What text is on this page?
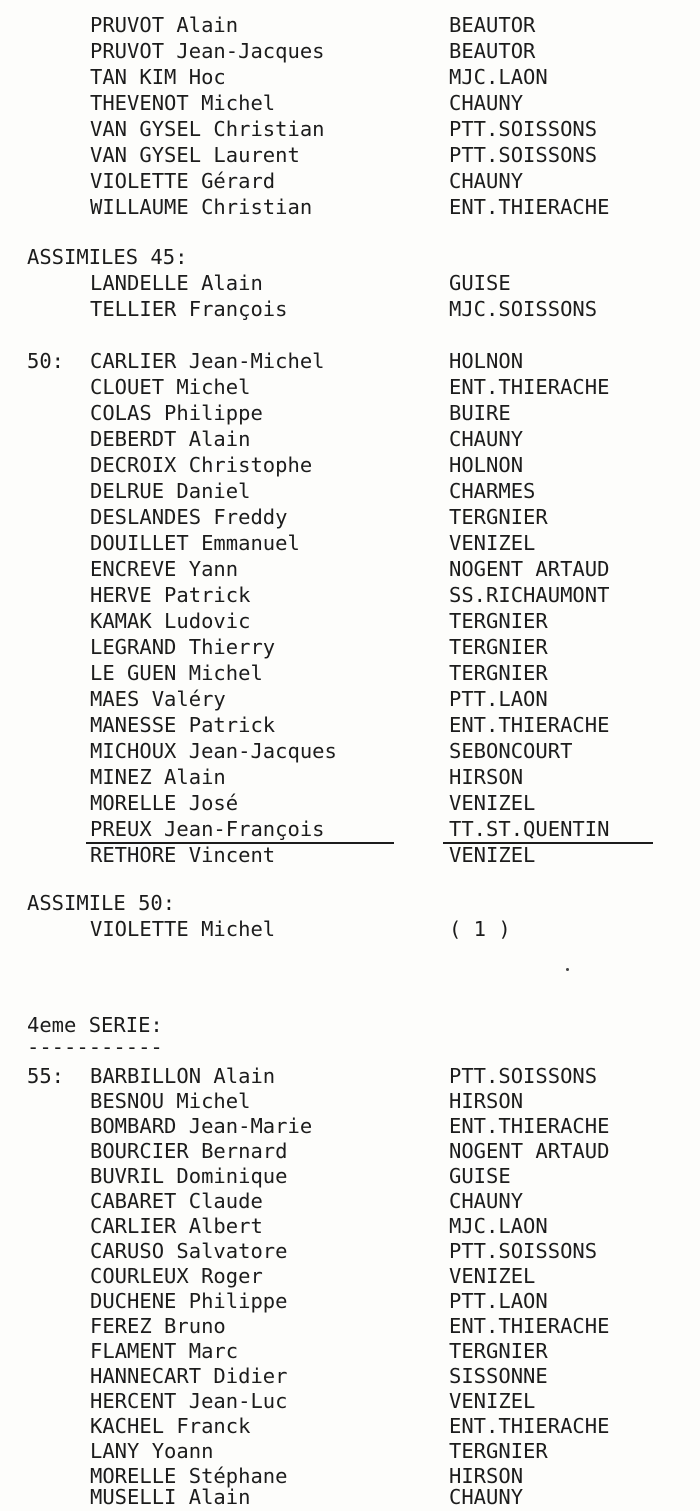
PRUVOT Alain	BEAUTOR
PRUVOT Jean-Jacques	BEAUTOR
TAN KIM Hoc	MJC.LAON
THEVENOT Michel	CHAUNY
VAN GYSEL Christian	PTT.SOISSONS
VAN GYSEL Laurent	PTT.SOISSONS
VIOLETTE Gérard	CHAUNY
WILLAUME Christian	ENT.THIERACHE
ASSIMILES 45:
LANDELLE Alain	GUISE
TELLIER François	MJC.SOISSONS
50: CARLIER Jean-Michel	HOLNON
CLOUET Michel	ENT.THIERACHE
COLAS Philippe	BUIRE
DEBERDT Alain	CHAUNY
DECROIX Christophe	HOLNON
DELRUE Daniel	CHARMES
DESLANDES Freddy	TERGNIER
DOUILLET Emmanuel	VENIZEL
ENCREVE Yann	NOGENT ARTAUD
HERVE Patrick	SS.RICHAUMONT
KAMAK Ludovic	TERGNIER
LEGRAND Thierry	TERGNIER
LE GUEN Michel	TERGNIER
MAES Valéry	PTT.LAON
MANESSE Patrick	ENT.THIERACHE
MICHOUX Jean-Jacques	SEBONCOURT
MINEZ Alain	HIRSON
MORELLE José	VENIZEL
PREUX Jean-François	TT.ST.QUENTIN
RETHORE Vincent	VENIZEL
ASSIMILE 50:
VIOLETTE Michel	( 1 )
4eme SERIE:
-----------
55: BARBILLON Alain	PTT.SOISSONS
BESNOU Michel	HIRSON
BOMBARD Jean-Marie	ENT.THIERACHE
BOURCIER Bernard	NOGENT ARTAUD
BUVRIL Dominique	GUISE
CABARET Claude	CHAUNY
CARLIER Albert	MJC.LAON
CARUSO Salvatore	PTT.SOISSONS
COURLEUX Roger	VENIZEL
DUCHENE Philippe	PTT.LAON
FEREZ Bruno	ENT.THIERACHE
FLAMENT Marc	TERGNIER
HANNECART Didier	SISSONNE
HERCENT Jean-Luc	VENIZEL
KACHEL Franck	ENT.THIERACHE
LANY Yoann	TERGNIER
MORELLE Stéphane	HIRSON
MUSELLI Alain	CHAUNY
